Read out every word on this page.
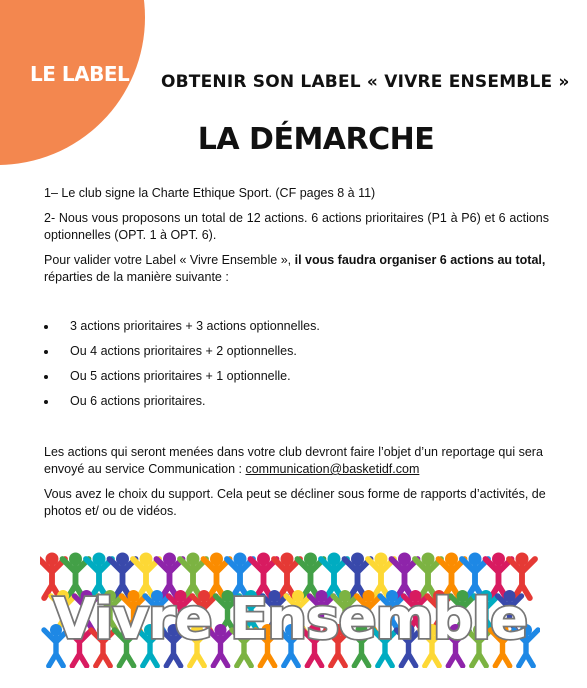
LE LABEL OBTENIR SON LABEL « VIVRE ENSEMBLE »
LA DÉMARCHE
1– Le club signe la Charte Ethique Sport. (CF pages 8 à 11)
2- Nous vous proposons un total de 12 actions. 6 actions prioritaires (P1 à P6) et 6 actions optionnelles (OPT. 1 à OPT. 6).
Pour valider votre Label « Vivre Ensemble », il vous faudra organiser 6 actions au total, réparties de la manière suivante :
3 actions prioritaires + 3 actions optionnelles.
Ou 4 actions prioritaires + 2 optionnelles.
Ou 5 actions prioritaires + 1 optionnelle.
Ou 6 actions prioritaires.
Les actions qui seront menées dans votre club devront faire l’objet d’un reportage qui sera envoyé au service Communication : communication@basketidf.com
Vous avez le choix du support. Cela peut se décliner sous forme de rapports d’activités, de photos et/ ou de vidéos.
Vivre Ensemble
